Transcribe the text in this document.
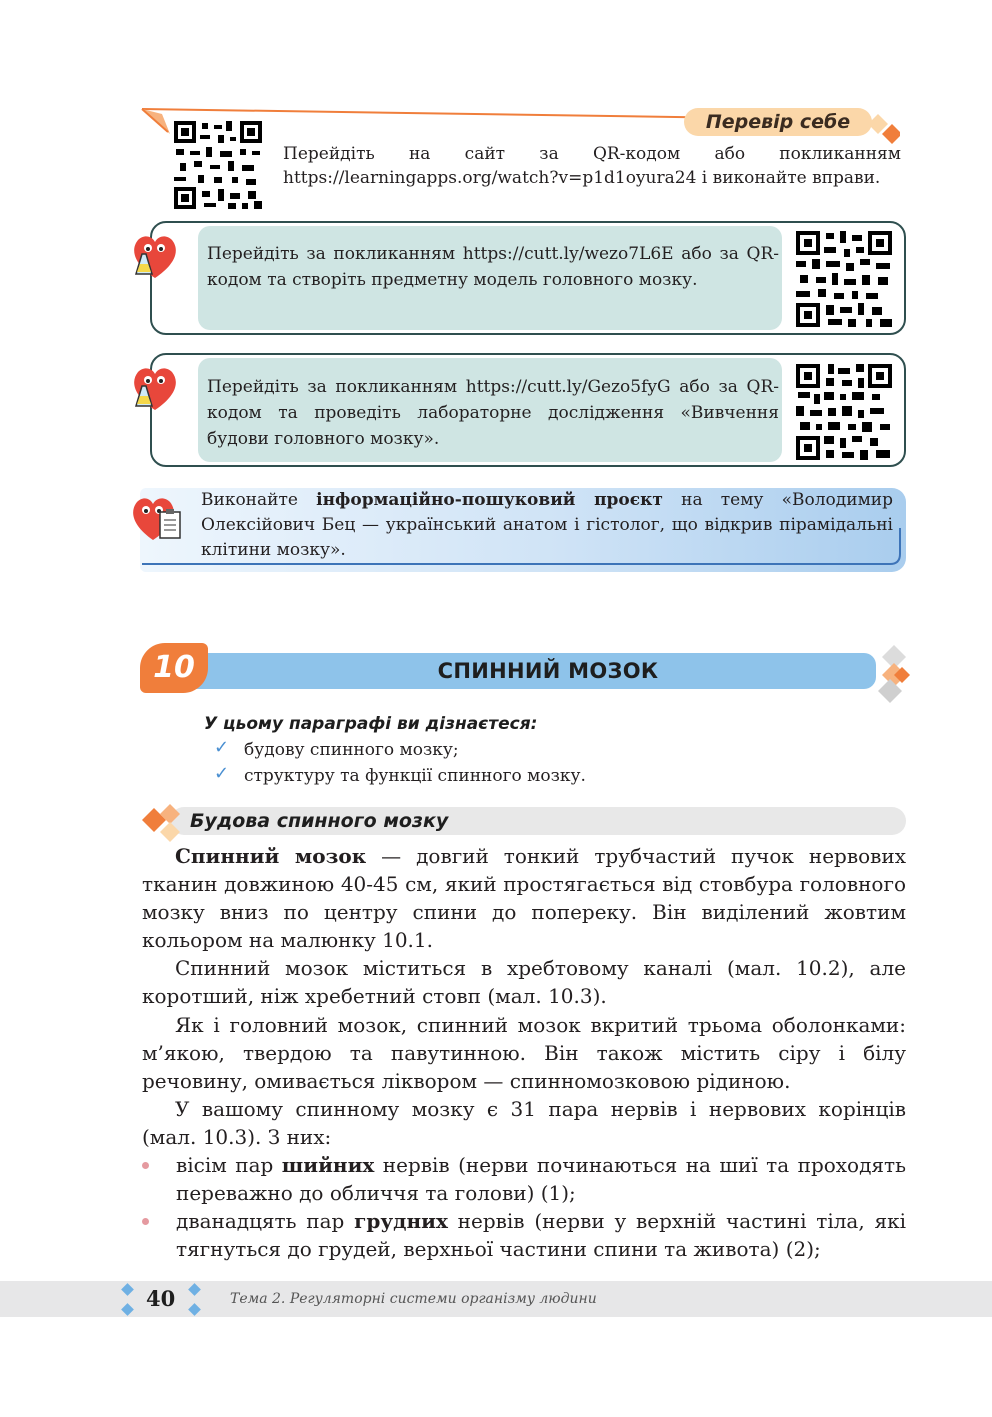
Перевір себе
Перейдіть на сайт за QR-кодом або покликанням https://learningapps.org/watch?v=p1d1oyura24 і виконайте вправи.
Перейдіть за покликанням https://cutt.ly/wezo7L6E або за QR-кодом та створіть предметну модель головного мозку.
Перейдіть за покликанням https://cutt.ly/Gezo5fyG або за QR-кодом та проведіть лабораторне дослідження «Вивчення будови головного мозку».
Виконайте інформаційно-пошуковий проєкт на тему «Володимир Олексійович Бец — український анатом і гістолог, що відкрив пірамідальні клітини мозку».
СПИННИЙ МОЗОК
10
У цьому параграфі ви дізнаєтеся:
✓ будову спинного мозку;
✓ структуру та функції спинного мозку.
Будова спинного мозку
Спинний мозок — довгий тонкий трубчастий пучок нервових тканин довжиною 40-45 см, який простягається від стовбура головного мозку вниз по центру спини до попереку. Він виділений жовтим кольором на малюнку 10.1.
Спинний мозок міститься в хребтовому каналі (мал. 10.2), але коротший, ніж хребетний стовп (мал. 10.3).
Як і головний мозок, спинний мозок вкритий трьома оболонками: м’якою, твердою та павутинною. Він також містить сіру і білу речовину, омивається ліквором — спинномозковою рідиною.
У вашому спинному мозку є 31 пара нервів і нервових корінців (мал. 10.3). З них:
вісім пар шийних нервів (нерви починаються на шиї та проходять переважно до обличчя та голови) (1);
дванадцять пар грудних нервів (нерви у верхній частині тіла, які тягнуться до грудей, верхньої частини спини та живота) (2);
40	Тема 2. Регуляторні системи організму людини
